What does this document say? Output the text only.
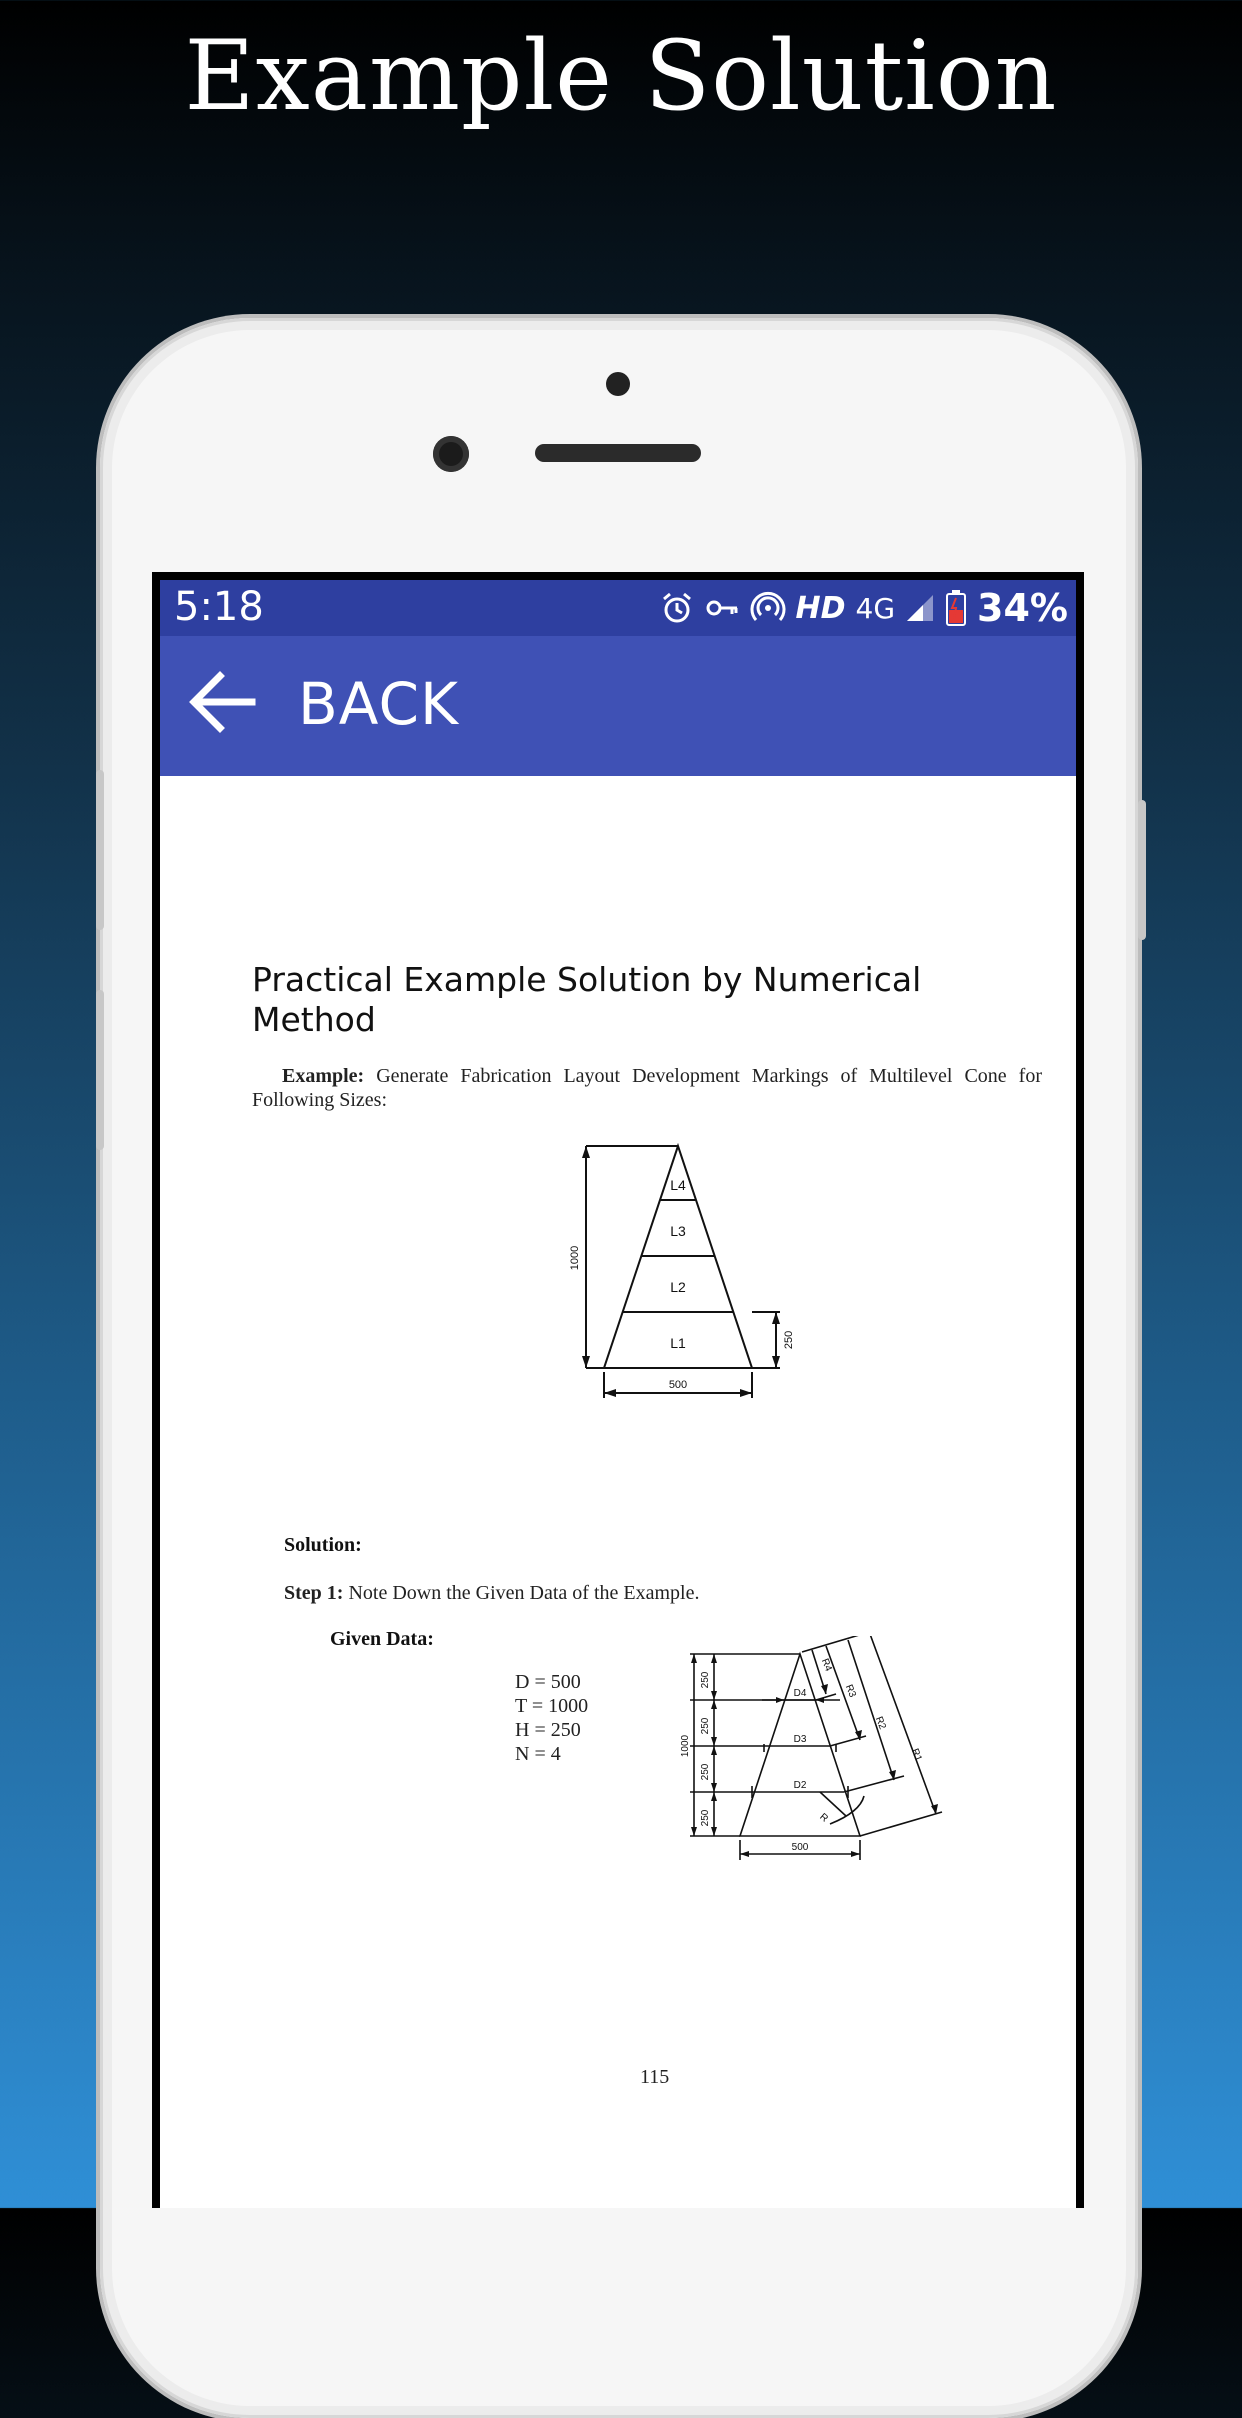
Example Solution
5:18	HD 4G 34%
BACK
Practical Example Solution by Numerical Method
Example: Generate Fabrication Layout Development Markings of Multilevel Cone for Following Sizes:
L4
L3
L2
L1
1000
250
500
Solution:
Step 1: Note Down the Given Data of the Example.
Given Data:
D = 500
T = 1000
H = 250
N = 4	1000
250
250
250
250
D4
D3
D2
R4
R3
R2
R1
R
500
115
